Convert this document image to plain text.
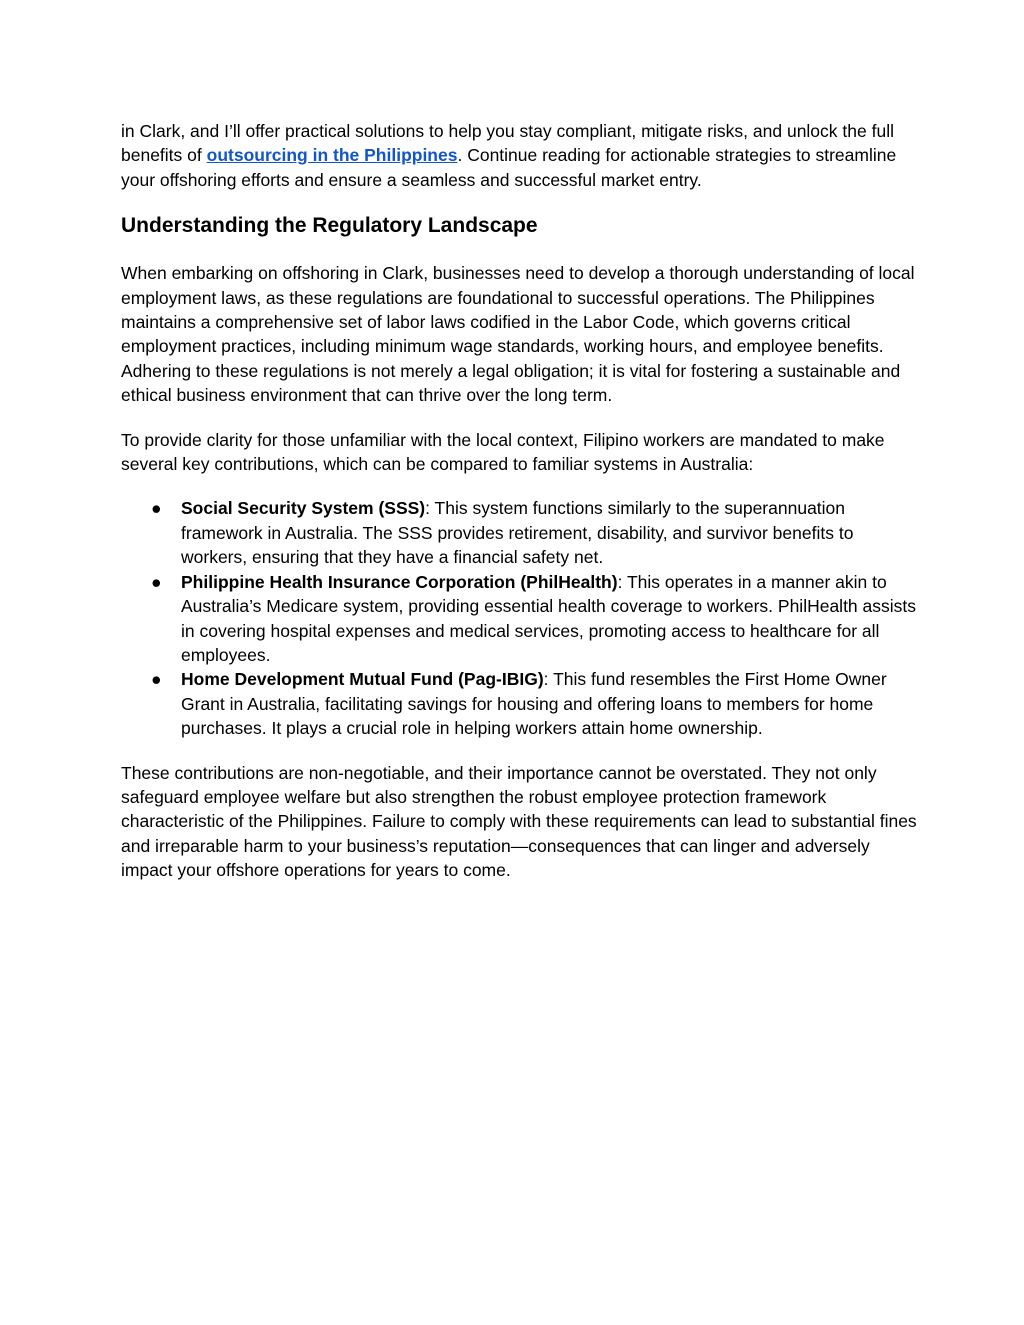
in Clark, and I’ll offer practical solutions to help you stay compliant, mitigate risks, and unlock the full benefits of outsourcing in the Philippines. Continue reading for actionable strategies to streamline your offshoring efforts and ensure a seamless and successful market entry.

Understanding the Regulatory Landscape

When embarking on offshoring in Clark, businesses need to develop a thorough understanding of local employment laws, as these regulations are foundational to successful operations. The Philippines maintains a comprehensive set of labor laws codified in the Labor Code, which governs critical employment practices, including minimum wage standards, working hours, and employee benefits. Adhering to these regulations is not merely a legal obligation; it is vital for fostering a sustainable and ethical business environment that can thrive over the long term.

To provide clarity for those unfamiliar with the local context, Filipino workers are mandated to make several key contributions, which can be compared to familiar systems in Australia:

● Social Security System (SSS): This system functions similarly to the superannuation framework in Australia. The SSS provides retirement, disability, and survivor benefits to workers, ensuring that they have a financial safety net.
● Philippine Health Insurance Corporation (PhilHealth): This operates in a manner akin to Australia’s Medicare system, providing essential health coverage to workers. PhilHealth assists in covering hospital expenses and medical services, promoting access to healthcare for all employees.
● Home Development Mutual Fund (Pag-IBIG): This fund resembles the First Home Owner Grant in Australia, facilitating savings for housing and offering loans to members for home purchases. It plays a crucial role in helping workers attain home ownership.

These contributions are non-negotiable, and their importance cannot be overstated. They not only safeguard employee welfare but also strengthen the robust employee protection framework characteristic of the Philippines. Failure to comply with these requirements can lead to substantial fines and irreparable harm to your business’s reputation—consequences that can linger and adversely impact your offshore operations for years to come.
